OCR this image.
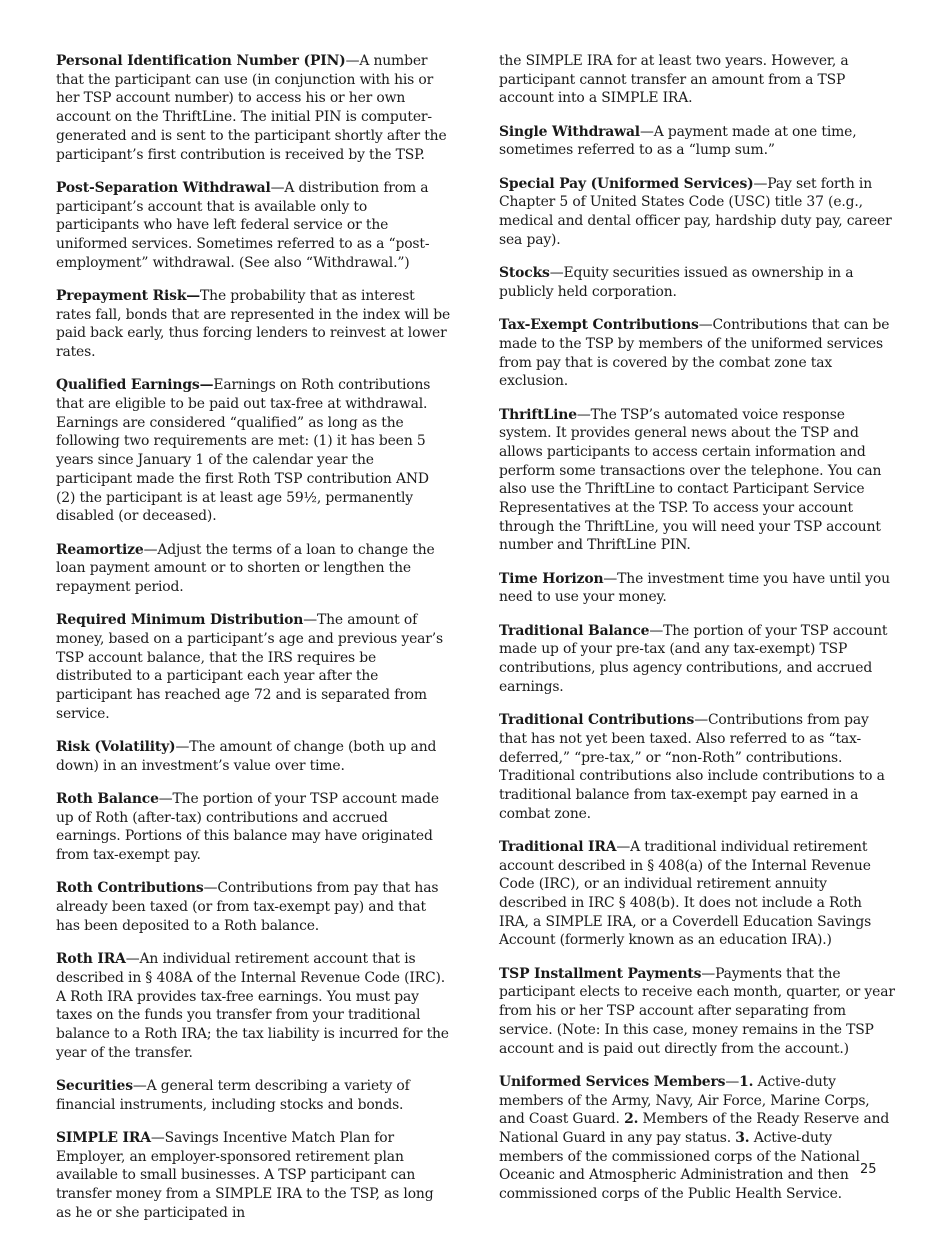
Personal Identification Number (PIN)—A number that the participant can use (in conjunction with his or her TSP account number) to access his or her own account on the ThriftLine. The initial PIN is computer-generated and is sent to the participant shortly after the participant’s first contribution is received by the TSP.

Post-Separation Withdrawal—A distribution from a participant’s account that is available only to participants who have left federal service or the uniformed services. Sometimes referred to as a “post-employment” withdrawal. (See also “Withdrawal.”)

Prepayment Risk—The probability that as interest rates fall, bonds that are represented in the index will be paid back early, thus forcing lenders to reinvest at lower rates.

Qualified Earnings—Earnings on Roth contributions that are eligible to be paid out tax-free at withdrawal. Earnings are considered “qualified” as long as the following two requirements are met: (1) it has been 5 years since January 1 of the calendar year the participant made the first Roth TSP contribution AND (2) the participant is at least age 59½, permanently disabled (or deceased).

Reamortize—Adjust the terms of a loan to change the loan payment amount or to shorten or lengthen the repayment period.

Required Minimum Distribution—The amount of money, based on a participant’s age and previous year’s TSP account balance, that the IRS requires be distributed to a participant each year after the participant has reached age 72 and is separated from service.

Risk (Volatility)—The amount of change (both up and down) in an investment’s value over time.

Roth Balance—The portion of your TSP account made up of Roth (after-tax) contributions and accrued earnings. Portions of this balance may have originated from tax-exempt pay.

Roth Contributions—Contributions from pay that has already been taxed (or from tax-exempt pay) and that has been deposited to a Roth balance.

Roth IRA—An individual retirement account that is described in § 408A of the Internal Revenue Code (IRC). A Roth IRA provides tax-free earnings. You must pay taxes on the funds you transfer from your traditional balance to a Roth IRA; the tax liability is incurred for the year of the transfer.

Securities—A general term describing a variety of financial instruments, including stocks and bonds.

SIMPLE IRA—Savings Incentive Match Plan for Employer, an employer-sponsored retirement plan available to small businesses. A TSP participant can transfer money from a SIMPLE IRA to the TSP, as long as he or she participated in

the SIMPLE IRA for at least two years. However, a participant cannot transfer an amount from a TSP account into a SIMPLE IRA.

Single Withdrawal—A payment made at one time, sometimes referred to as a “lump sum.”

Special Pay (Uniformed Services)—Pay set forth in Chapter 5 of United States Code (USC) title 37 (e.g., medical and dental officer pay, hardship duty pay, career sea pay).

Stocks—Equity securities issued as ownership in a publicly held corporation.

Tax-Exempt Contributions—Contributions that can be made to the TSP by members of the uniformed services from pay that is covered by the combat zone tax exclusion.

ThriftLine—The TSP’s automated voice response system. It provides general news about the TSP and allows participants to access certain information and perform some transactions over the telephone. You can also use the ThriftLine to contact Participant Service Representatives at the TSP. To access your account through the ThriftLine, you will need your TSP account number and ThriftLine PIN.

Time Horizon—The investment time you have until you need to use your money.

Traditional Balance—The portion of your TSP account made up of your pre-tax (and any tax-exempt) TSP contributions, plus agency contributions, and accrued earnings.

Traditional Contributions—Contributions from pay that has not yet been taxed. Also referred to as “tax-deferred,” “pre-tax,” or “non-Roth” contributions. Traditional contributions also include contributions to a traditional balance from tax-exempt pay earned in a combat zone.

Traditional IRA—A traditional individual retirement account described in § 408(a) of the Internal Revenue Code (IRC), or an individual retirement annuity described in IRC § 408(b). It does not include a Roth IRA, a SIMPLE IRA, or a Coverdell Education Savings Account (formerly known as an education IRA).)

TSP Installment Payments—Payments that the participant elects to receive each month, quarter, or year from his or her TSP account after separating from service. (Note: In this case, money remains in the TSP account and is paid out directly from the account.)

Uniformed Services Members—1. Active-duty members of the Army, Navy, Air Force, Marine Corps, and Coast Guard. 2. Members of the Ready Reserve and National Guard in any pay status. 3. Active-duty members of the commissioned corps of the National Oceanic and Atmospheric Administration and then commissioned corps of the Public Health Service.

25
